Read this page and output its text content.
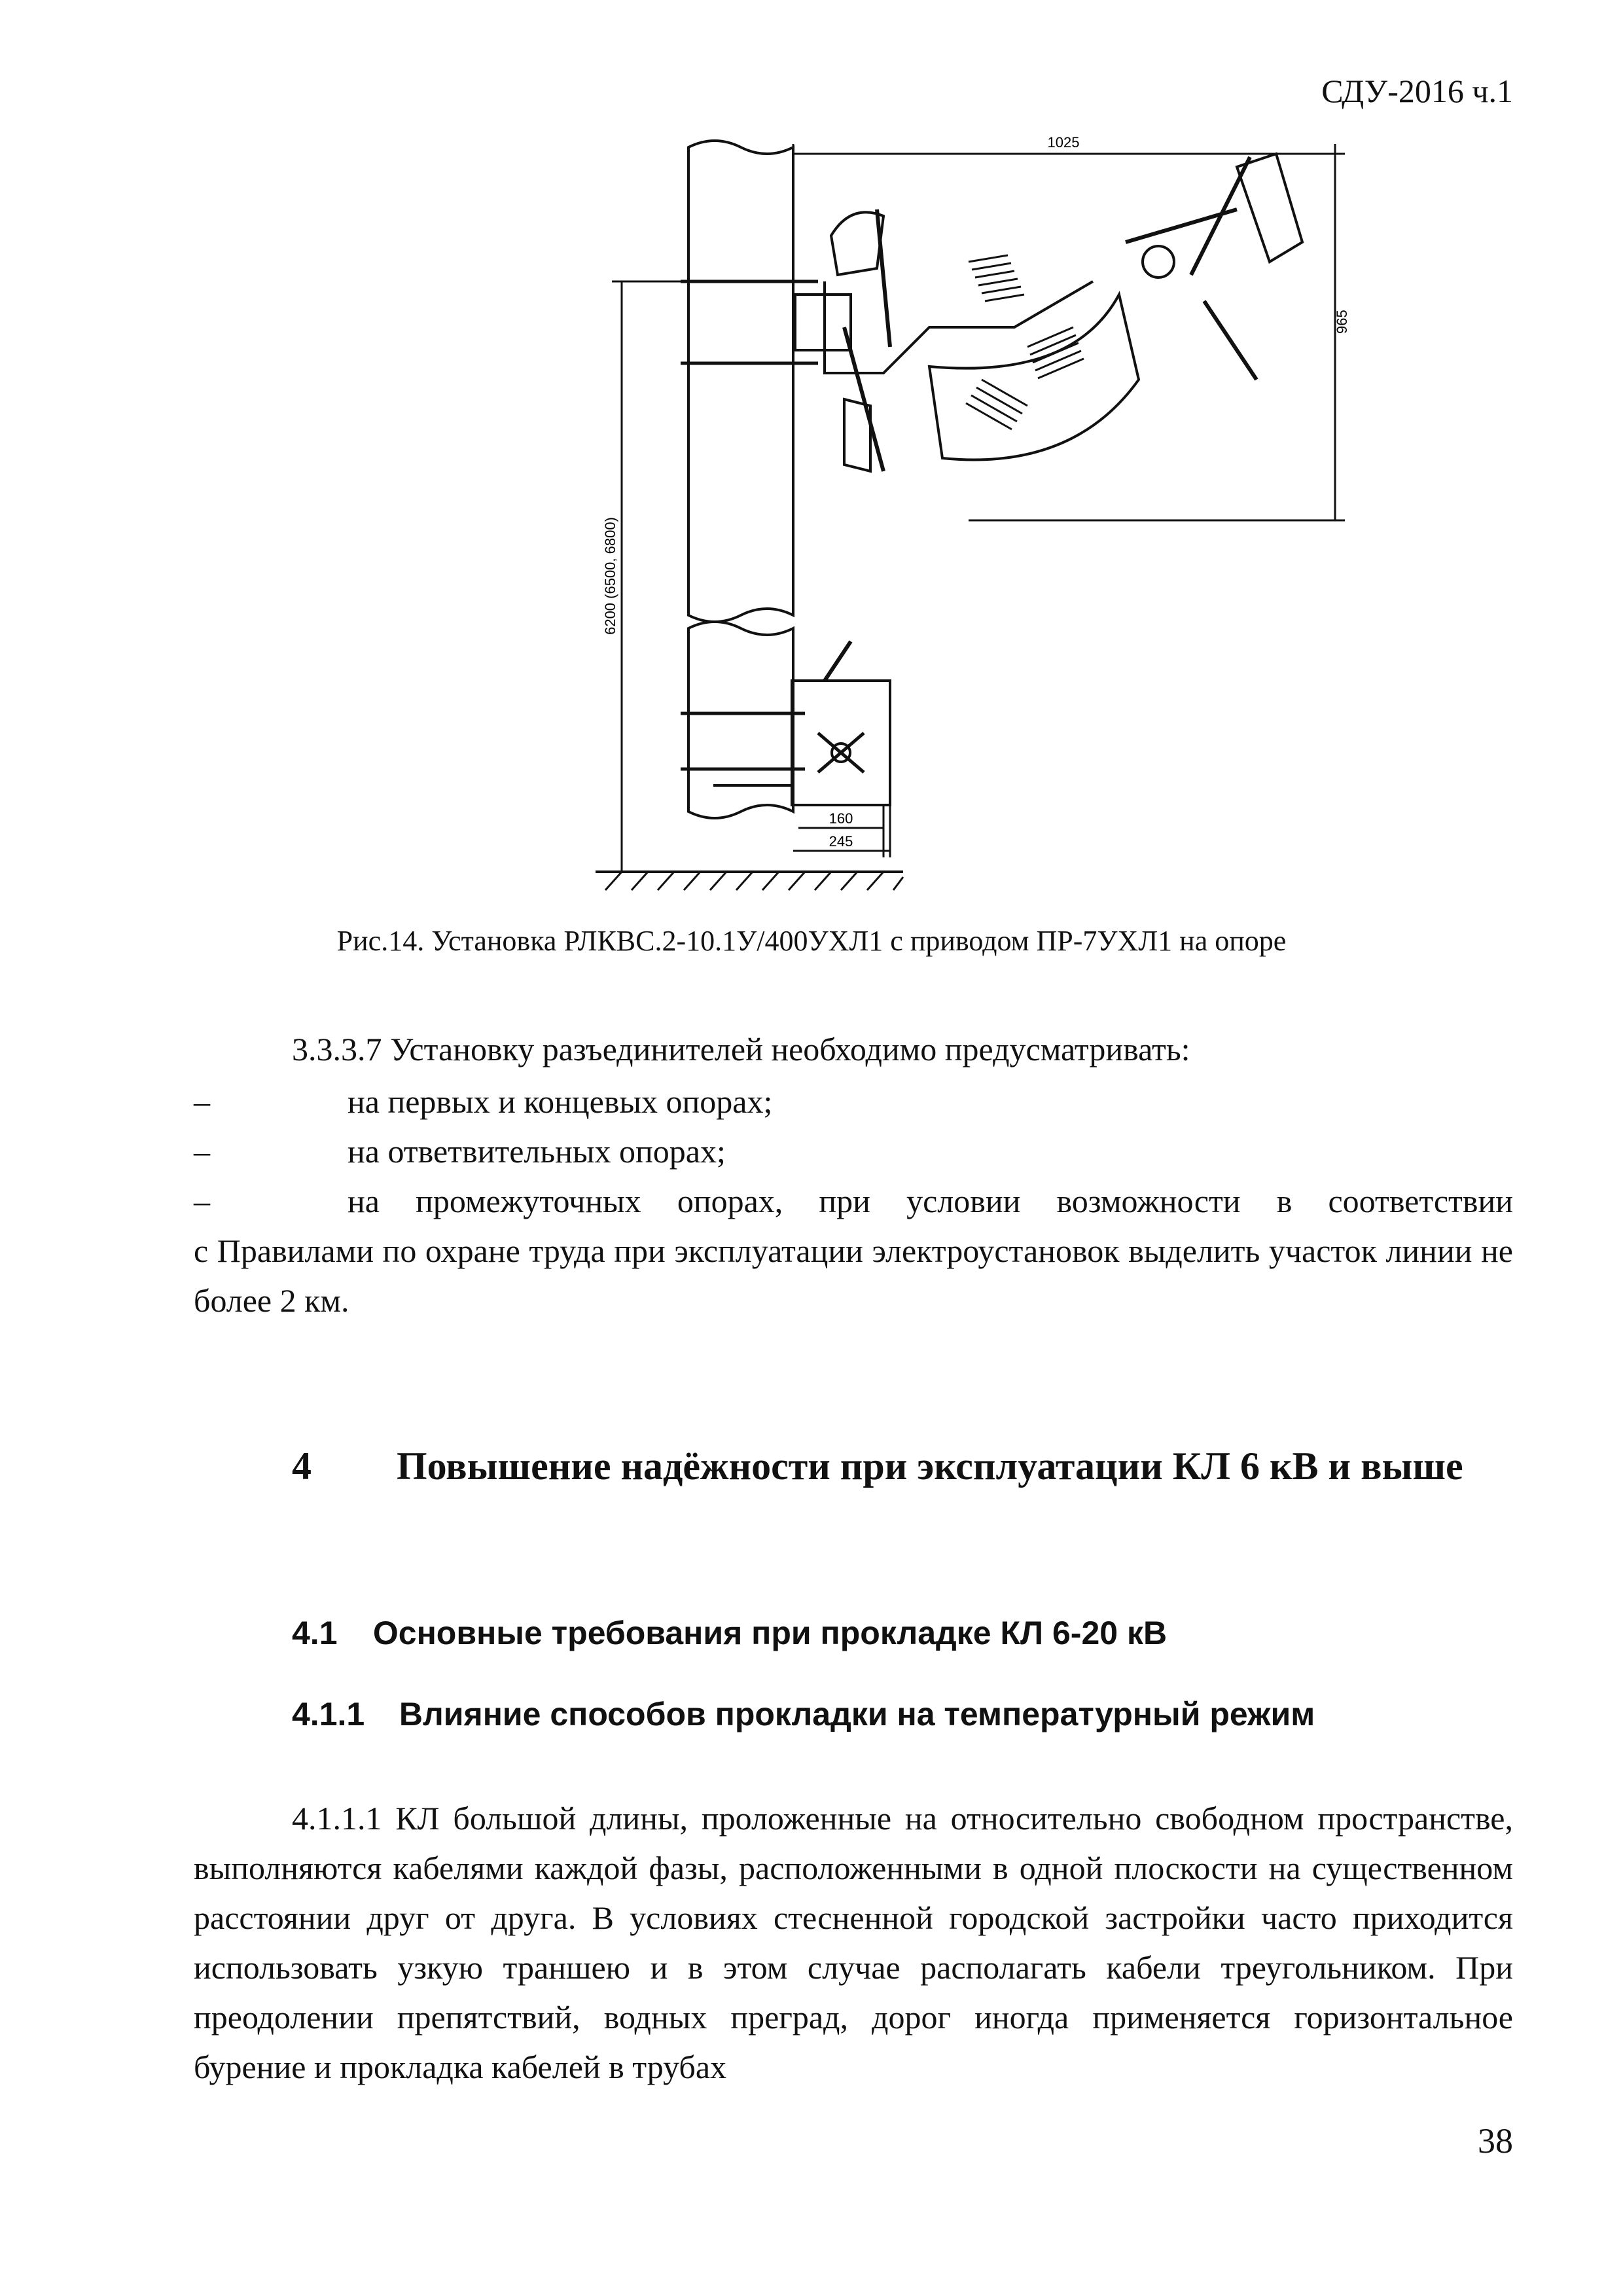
СДУ-2016 ч.1
1025
965
6200 (6500, 6800)
160
245
Рис.14. Установка РЛКВС.2-10.1У/400УХЛ1 с приводом ПР-7УХЛ1 на опоре
3.3.3.7 Установку разъединителей необходимо предусматривать:
–	на первых и концевых опорах;
–	на ответвительных опорах;
–	на промежуточных опорах, при условии возможности в соответствии
с Правилами по охране труда при эксплуатации электроустановок выделить участок линии не более 2 км.
4 Повышение надёжности при эксплуатации КЛ 6 кВ и выше
4.1 Основные требования при прокладке КЛ 6-20 кВ
4.1.1 Влияние способов прокладки на температурный режим
4.1.1.1 КЛ большой длины, проложенные на относительно свободном пространстве, выполняются кабелями каждой фазы, расположенными в одной плоскости на существенном расстоянии друг от друга. В условиях стесненной городской застройки часто приходится использовать узкую траншею и в этом случае располагать кабели треугольником. При преодолении препятствий, водных преград, дорог иногда применяется горизонтальное бурение и прокладка кабелей в трубах
38
